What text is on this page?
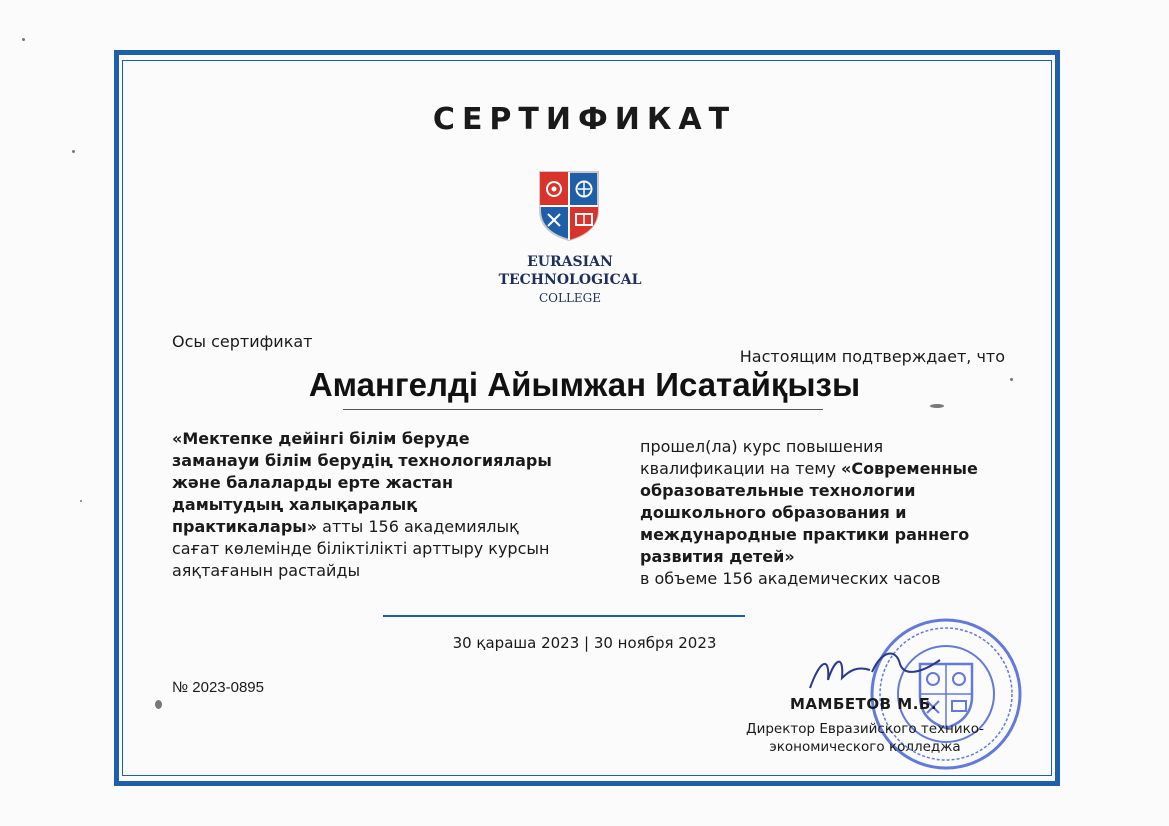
СЕРТИФИКАТ
EURASIAN
TECHNOLOGICAL
COLLEGE
Осы сертификат
Настоящим подтверждает, что
Амангелді Айымжан Исатайқызы
«Мектепке дейінгі білім беруде заманауи білім берудің технологиялары және балаларды ерте жастан дамытудың халықаралық практикалары» атты 156 академиялық сағат көлемінде біліктілікті арттыру курсын аяқтағанын растайды
прошел(ла) курс повышения квалификации на тему «Современные образовательные технологии дошкольного образования и международные практики раннего развития детей»
в объеме 156 академических часов
30 қараша 2023 | 30 ноября 2023
№ 2023-0895
МАМБЕТОВ М.Б.
Директор Евразийского технико-экономического колледжа
